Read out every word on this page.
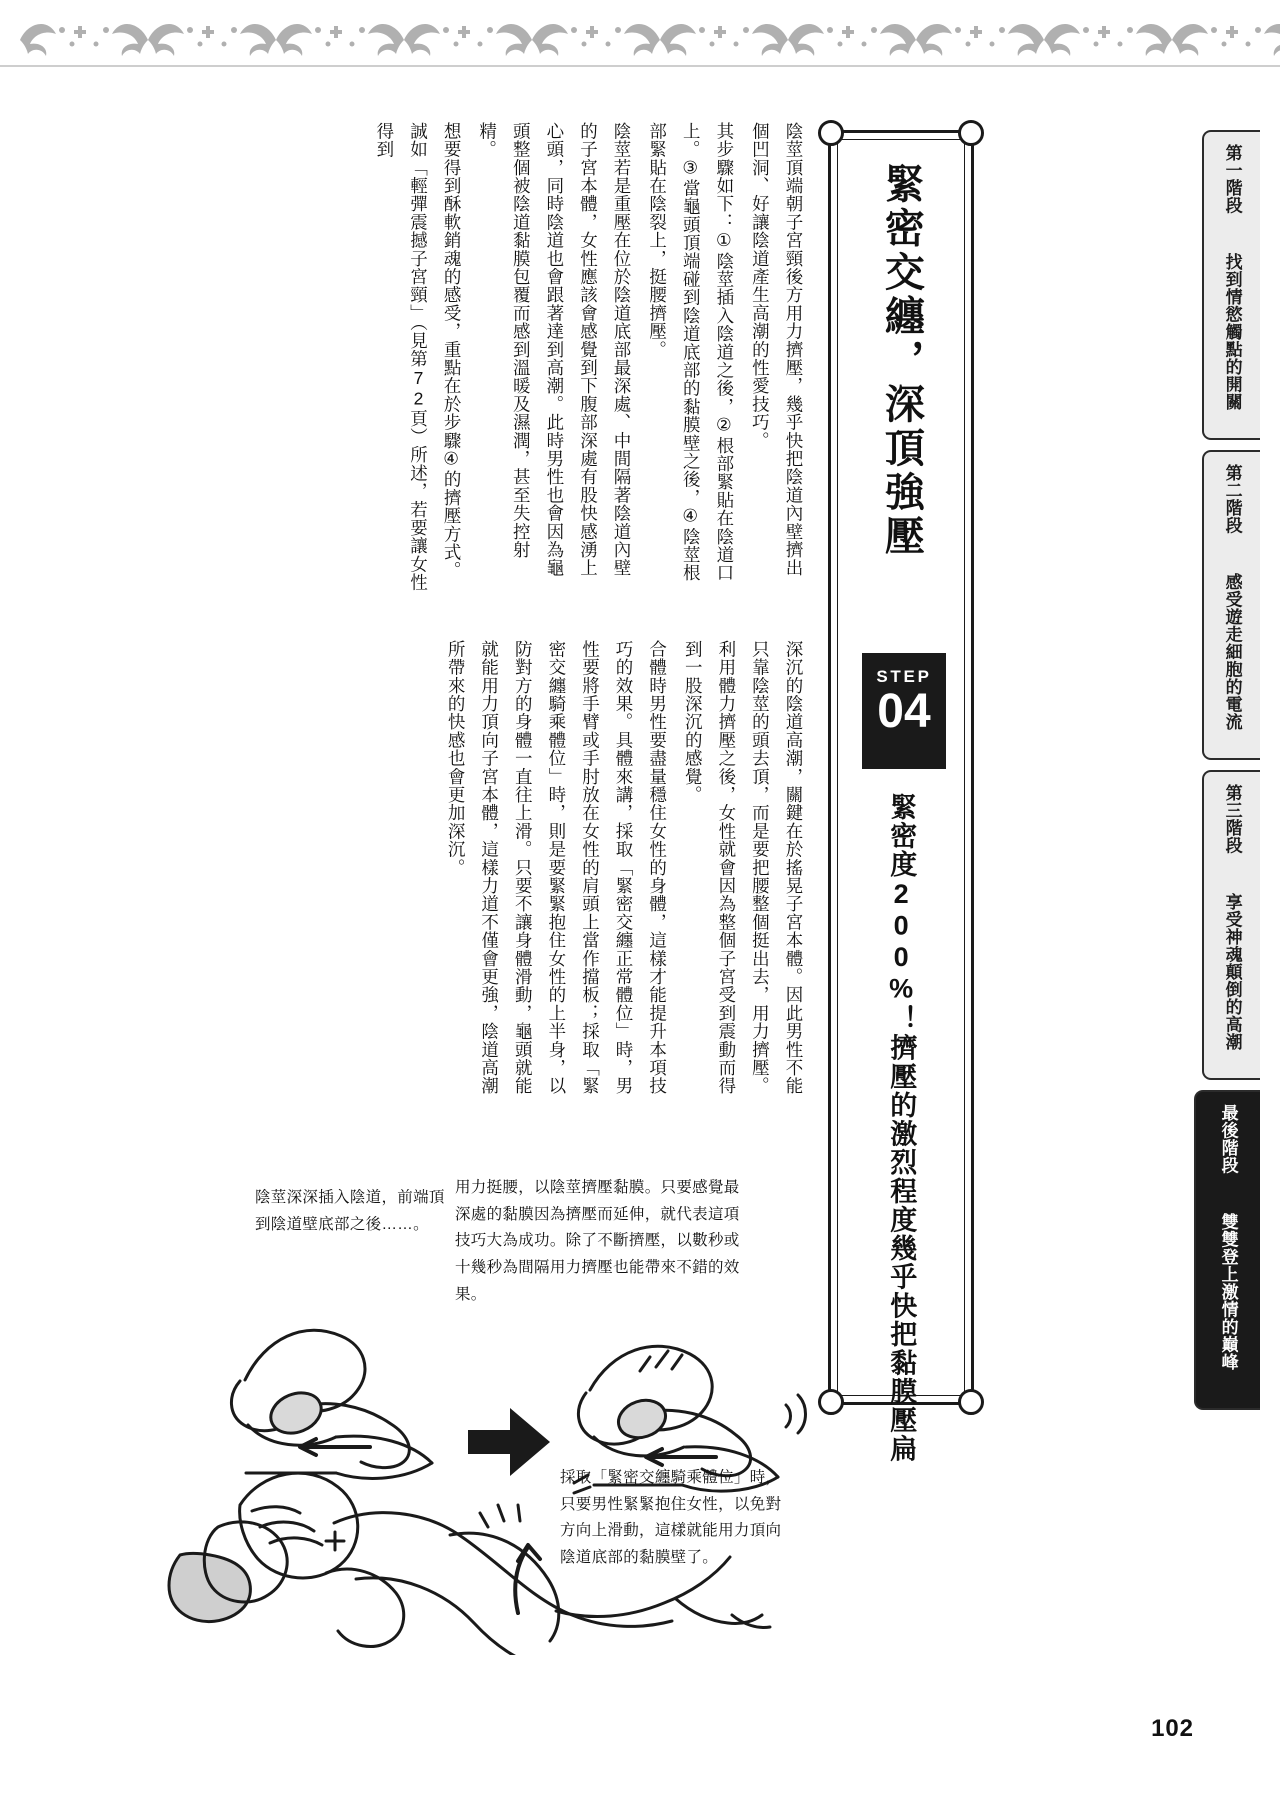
陰莖頂端朝子宮頸後方用力擠壓，幾乎快把陰道內壁擠出個凹洞、好讓陰道產生高潮的性愛技巧。
其步驟如下：①陰莖插入陰道之後，②根部緊貼在陰道口上。③當龜頭頂端碰到陰道底部的黏膜壁之後，④陰莖根部緊貼在陰裂上，挺腰擠壓。
陰莖若是重壓在位於陰道底部最深處、中間隔著陰道內壁的子宮本體，女性應該會感覺到下腹部深處有股快感湧上心頭，同時陰道也會跟著達到高潮。此時男性也會因為龜頭整個被陰道黏膜包覆而感到溫暖及濕潤，甚至失控射精。
想要得到酥軟銷魂的感受，重點在於步驟④的擠壓方式。誠如「輕彈震撼子宮頸」（見第72頁）所述，若要讓女性得到
深沉的陰道高潮，關鍵在於搖晃子宮本體。因此男性不能只靠陰莖的頭去頂，而是要把腰整個挺出去，用力擠壓。利用體力擠壓之後，女性就會因為整個子宮受到震動而得到一股深沉的感覺。
合體時男性要盡量穩住女性的身體，這樣才能提升本項技巧的效果。具體來講，採取「緊密交纏正常體位」時，男性要將手臂或手肘放在女性的肩頭上當作擋板；採取「緊密交纏騎乘體位」時，則是要緊緊抱住女性的上半身，以防對方的身體一直往上滑。只要不讓身體滑動，龜頭就能就能用力頂向子宮本體，這樣力道不僅會更強，陰道高潮所帶來的快感也會更加深沉。
緊密交纏，深頂強壓
STEP
04
緊密度200%！擠壓的激烈程度幾乎快把黏膜壓扁
第一階段  找到情慾觸點的開關
第二階段  感受遊走細胞的電流
第三階段  享受神魂顛倒的高潮
最後階段  雙雙登上激情的巔峰
陰莖深深插入陰道，前端頂到陰道壁底部之後……。
用力挺腰，以陰莖擠壓黏膜。只要感覺最深處的黏膜因為擠壓而延伸，就代表這項技巧大為成功。除了不斷擠壓，以數秒或十幾秒為間隔用力擠壓也能帶來不錯的效果。
採取「緊密交纏騎乘體位」時，只要男性緊緊抱住女性，以免對方向上滑動，這樣就能用力頂向陰道底部的黏膜壁了。
102
